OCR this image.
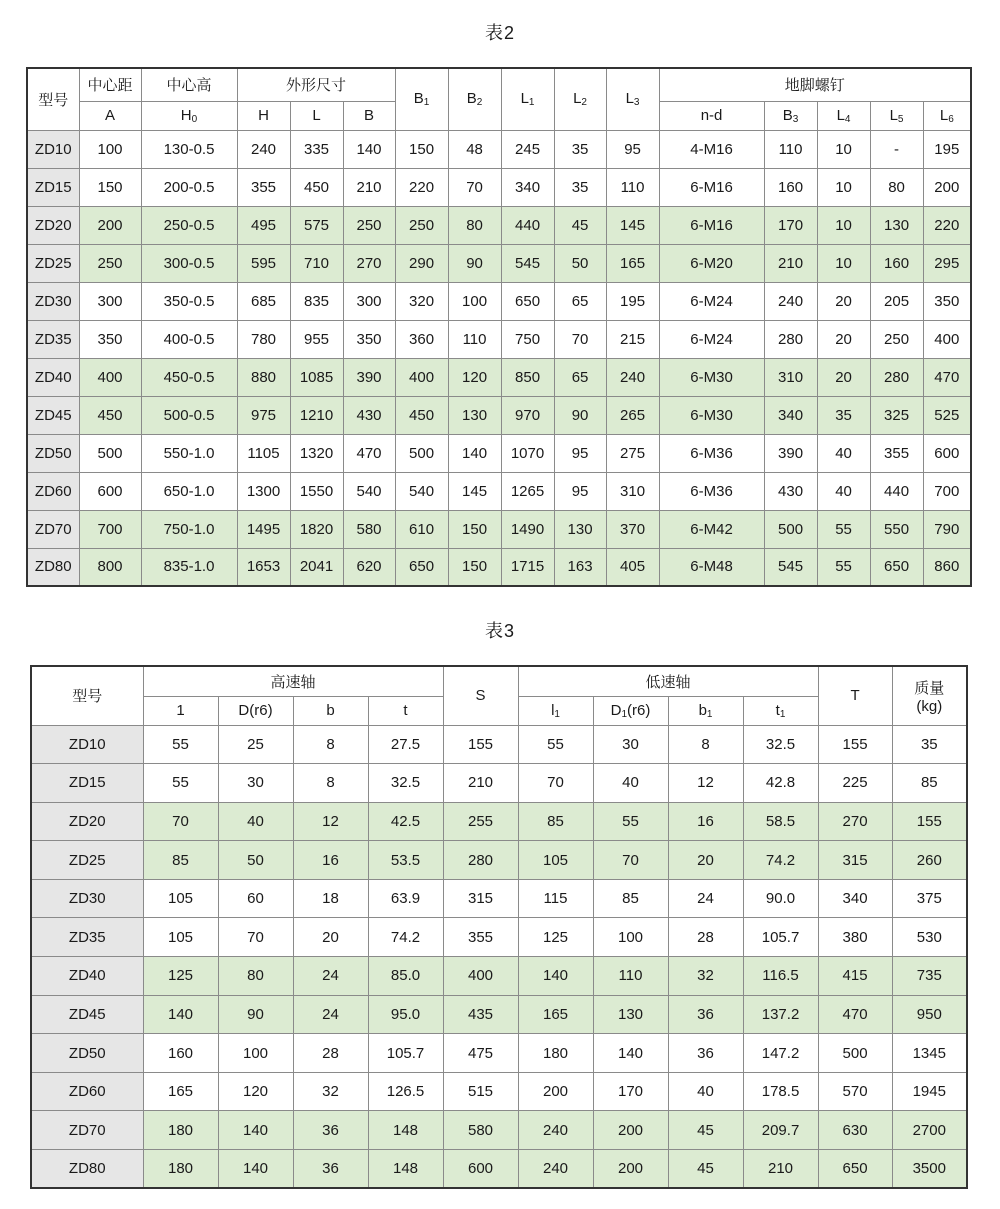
表2
型号	中心距	中心高	外形尺寸			$B_1$	$B_2$	$L_1$	$L_2$	$L_3$	地脚螺钉				
	A	$H_0$	H	L	B						n-d	$B_3$	$L_4$	$L_5$	$L_6$
ZD10	100	130-0.5	240	335	140	150	48	245	35	95	4-M16	110	10	-	195
ZD15	150	200-0.5	355	450	210	220	70	340	35	110	6-M16	160	10	80	200
ZD20	200	250-0.5	495	575	250	250	80	440	45	145	6-M16	170	10	130	220
ZD25	250	300-0.5	595	710	270	290	90	545	50	165	6-M20	210	10	160	295
ZD30	300	350-0.5	685	835	300	320	100	650	65	195	6-M24	240	20	205	350
ZD35	350	400-0.5	780	955	350	360	110	750	70	215	6-M24	280	20	250	400
ZD40	400	450-0.5	880	1085	390	400	120	850	65	240	6-M30	310	20	280	470
ZD45	450	500-0.5	975	1210	430	450	130	970	90	265	6-M30	340	35	325	525
ZD50	500	550-1.0	1105	1320	470	500	140	1070	95	275	6-M36	390	40	355	600
ZD60	600	650-1.0	1300	1550	540	540	145	1265	95	310	6-M36	430	40	440	700
ZD70	700	750-1.0	1495	1820	580	610	150	1490	130	370	6-M42	500	55	550	790
ZD80	800	835-1.0	1653	2041	620	650	150	1715	163	405	6-M48	545	55	650	860
表3
型号	高速轴				S	低速轴				T	质量
(kg)

	1	D(r6)	b	t		$l_1$	$D_1(r6)$	$b_1$	$t_1$
ZD10	55	25	8	27.5	155	55	30	8	32.5	155	35
ZD15	55	30	8	32.5	210	70	40	12	42.8	225	85
ZD20	70	40	12	42.5	255	85	55	16	58.5	270	155
ZD25	85	50	16	53.5	280	105	70	20	74.2	315	260
ZD30	105	60	18	63.9	315	115	85	24	90.0	340	375
ZD35	105	70	20	74.2	355	125	100	28	105.7	380	530
ZD40	125	80	24	85.0	400	140	110	32	116.5	415	735
ZD45	140	90	24	95.0	435	165	130	36	137.2	470	950
ZD50	160	100	28	105.7	475	180	140	36	147.2	500	1345
ZD60	165	120	32	126.5	515	200	170	40	178.5	570	1945
ZD70	180	140	36	148	580	240	200	45	209.7	630	2700
ZD80	180	140	36	148	600	240	200	45	210	650	3500
